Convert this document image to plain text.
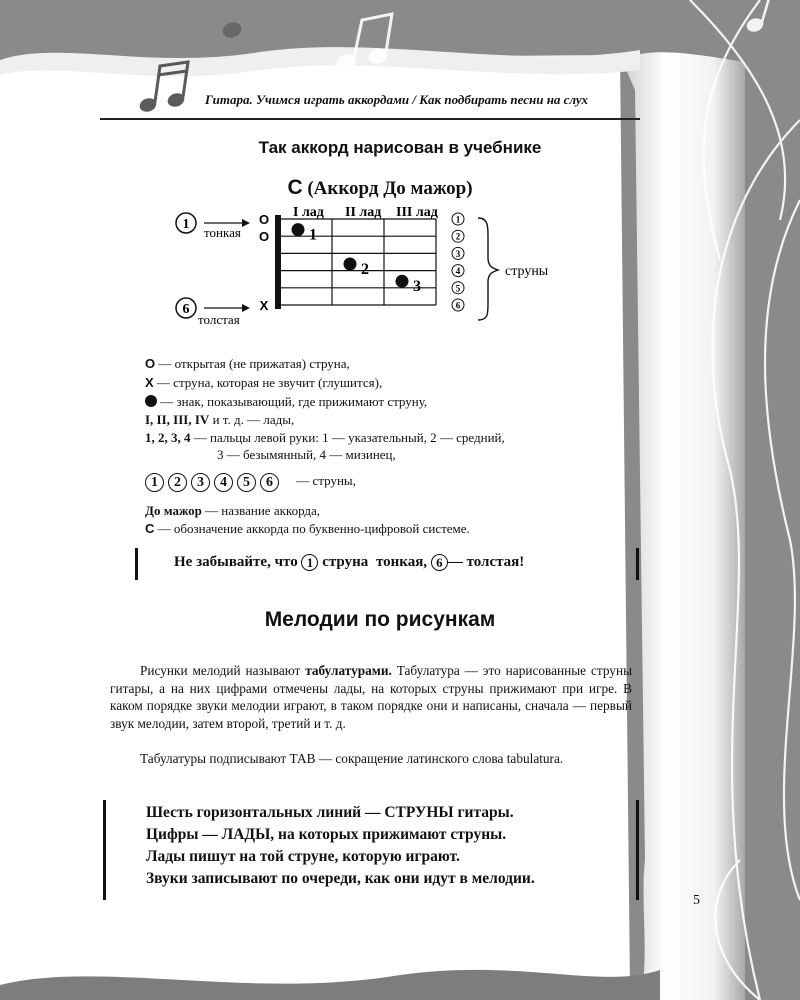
Гитара. Учимся играть аккордами / Как подбирать песни на слух
Так аккорд нарисован в учебнике
C (Аккорд До мажор)
I лад II лад III лад
O
O
X
1
2
3
4
5
6
1
2
3
1
тонкая
6
толстая
струны
O — открытая (не прижатая) струна,
X — струна, которая не звучит (глушится),
— знак, показывающий, где прижимают струну,
I, II, III, IV и т. д. — лады,
1, 2, 3, 4 — пальцы левой руки: 1 — указательный, 2 — средний,
3 — безымянный, 4 — мизинец,
1 2 3 4 5 6 — струны,
До мажор — название аккорда,
C — обозначение аккорда по буквенно-цифровой системе.
Не забывайте, что 1 струна тонкая, 6 — толстая!
Мелодии по рисункам
Рисунки мелодий называют табулатурами. Табулатура — это нарисованные струны гитары, а на них цифрами отмечены лады, на которых струны прижимают при игре. В каком порядке звуки мелодии играют, в таком порядке они и написаны, сначала — первый звук мелодии, затем второй, третий и т. д.
Табулатуры подписывают ТАВ — сокращение латинского слова tabulatura.
Шесть горизонтальных линий — СТРУНЫ гитары.
Цифры — ЛАДЫ, на которых прижимают струны.
Лады пишут на той струне, которую играют.
Звуки записывают по очереди, как они идут в мелодии.
5
